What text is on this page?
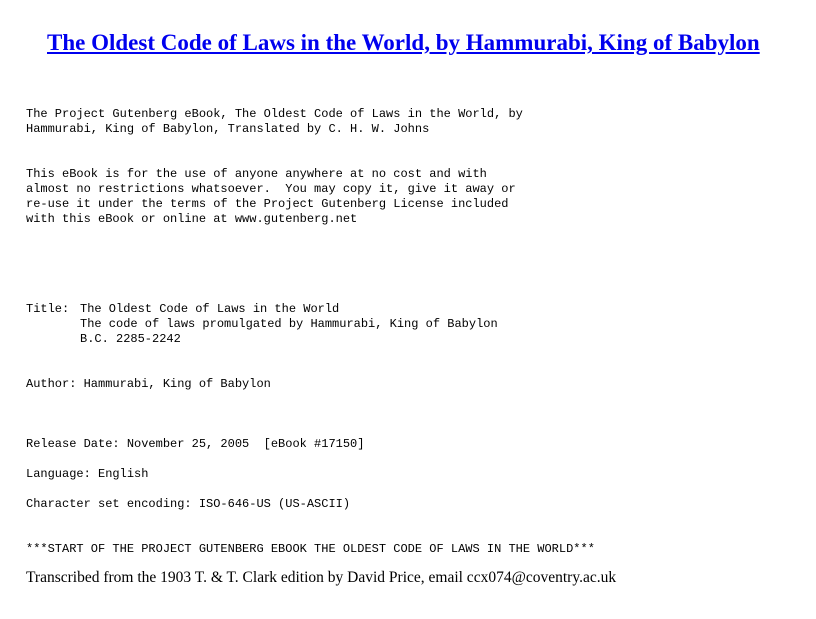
The Oldest Code of Laws in the World, by Hammurabi, King of Babylon
The Project Gutenberg eBook, The Oldest Code of Laws in the World, by
Hammurabi, King of Babylon, Translated by C. H. W. Johns
This eBook is for the use of anyone anywhere at no cost and with
almost no restrictions whatsoever.  You may copy it, give it away or
re-use it under the terms of the Project Gutenberg License included
with this eBook or online at www.gutenberg.net
Title: The Oldest Code of Laws in the World
The code of laws promulgated by Hammurabi, King of Babylon
B.C. 2285-2242
Author: Hammurabi, King of Babylon
Release Date: November 25, 2005  [eBook #17150]
Language: English
Character set encoding: ISO-646-US (US-ASCII)
***START OF THE PROJECT GUTENBERG EBOOK THE OLDEST CODE OF LAWS IN THE WORLD***
Transcribed from the 1903 T. & T. Clark edition by David Price, email ccx074@coventry.ac.uk
